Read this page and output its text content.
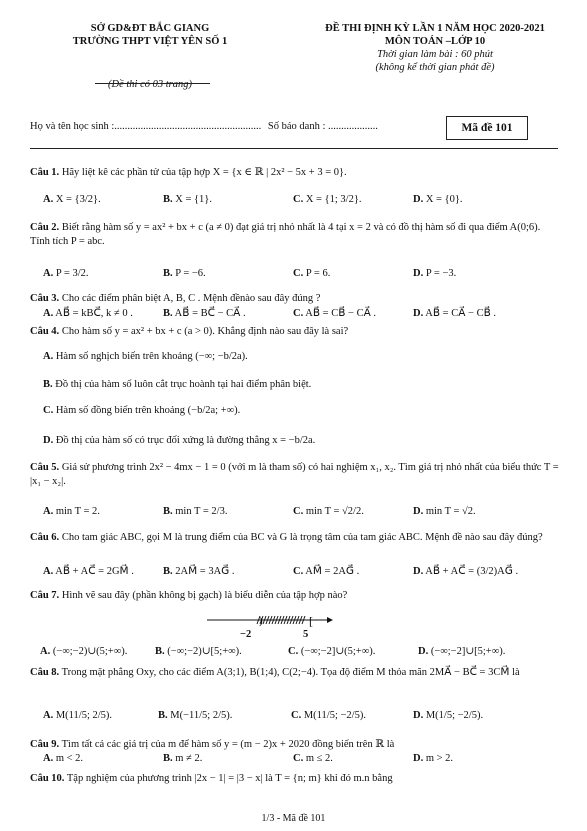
SỞ GD&ĐT BẮC GIANG
TRƯỜNG THPT VIỆT YÊN SỐ 1
(Đề thi có 03 trang)
ĐỀ THI ĐỊNH KỲ LẦN 1 NĂM HỌC 2020-2021
MÔN TOÁN –LỚP 10
Thời gian làm bài : 60 phút
(không kể thời gian phát đề)
Họ và tên học sinh :........................................................ Số báo danh : ...................	Mã đề 101
Câu 1. Hãy liệt kê các phần tử của tập hợp X = {x ∈ ℝ | 2x² − 5x + 3 = 0}.
A. X = {3/2}.	B. X = {1}.	C. X = {1; 3/2}.	D. X = {0}.
Câu 2. Biết rằng hàm số y = ax² + bx + c (a ≠ 0) đạt giá trị nhỏ nhất là 4 tại x = 2 và có đồ thị hàm số đi qua điểm A(0;6). Tính tích P = abc.
A. P = 3/2.	B. P = −6.	C. P = 6.	D. P = −3.
Câu 3. Cho các điểm phân biệt A, B, C . Mệnh đềnào sau đây đúng ?
A. AB⃗ = kBC⃗, k ≠ 0 .	B. AB⃗ = BC⃗ − CA⃗ .	C. AB⃗ = CB⃗ − CA⃗ .	D. AB⃗ = CA⃗ − CB⃗ .
Câu 4. Cho hàm số y = ax² + bx + c (a > 0). Khẳng định nào sau đây là sai?
A. Hàm số nghịch biến trên khoảng (−∞; −b/2a).
B. Đồ thị của hàm số luôn cắt trục hoành tại hai điểm phân biệt.
C. Hàm số đồng biến trên khoảng (−b/2a; +∞).
D. Đồ thị của hàm số có trục đối xứng là đường thẳng x = −b/2a.
Câu 5. Giả sử phương trình 2x² − 4mx − 1 = 0 (với m là tham số) có hai nghiệm x₁, x₂. Tìm giá trị nhỏ nhất của biểu thức T = |x₁ − x₂|.
A. min T = 2.	B. min T = 2/3.	C. min T = √2/2.	D. min T = √2.
Câu 6. Cho tam giác ABC, gọi M là trung điểm của BC và G là trọng tâm của tam giác ABC. Mệnh đề nào sau đây đúng?
A. AB⃗ + AC⃗ = 2GM⃗ .	B. 2AM⃗ = 3AG⃗ .	C. AM⃗ = 2AG⃗ .	D. AB⃗ + AC⃗ = (3/2)AG⃗ .
Câu 7. Hình vẽ sau đây (phần không bị gạch) là biểu diễn của tập hợp nào?
[
)
−2	5
A. (−∞;−2)∪(5;+∞).	B. (−∞;−2)∪[5;+∞).	C. (−∞;−2]∪(5;+∞).	D. (−∞;−2]∪[5;+∞).
Câu 8. Trong mặt phẳng Oxy, cho các điểm A(3;1), B(1;4), C(2;−4). Tọa độ điểm M thỏa mãn 2MA⃗ − BC⃗ = 3CM⃗ là
A. M(11/5; 2/5).	B. M(−11/5; 2/5).	C. M(11/5; −2/5).	D. M(1/5; −2/5).
Câu 9. Tìm tất cả các giá trị của m để hàm số y = (m − 2)x + 2020 đồng biến trên ℝ là
A. m < 2.	B. m ≠ 2.	C. m ≤ 2.	D. m > 2.
Câu 10. Tập nghiệm của phương trình |2x − 1| = |3 − x| là T = {n; m} khi đó m.n bằng
1/3 - Mã đề 101
